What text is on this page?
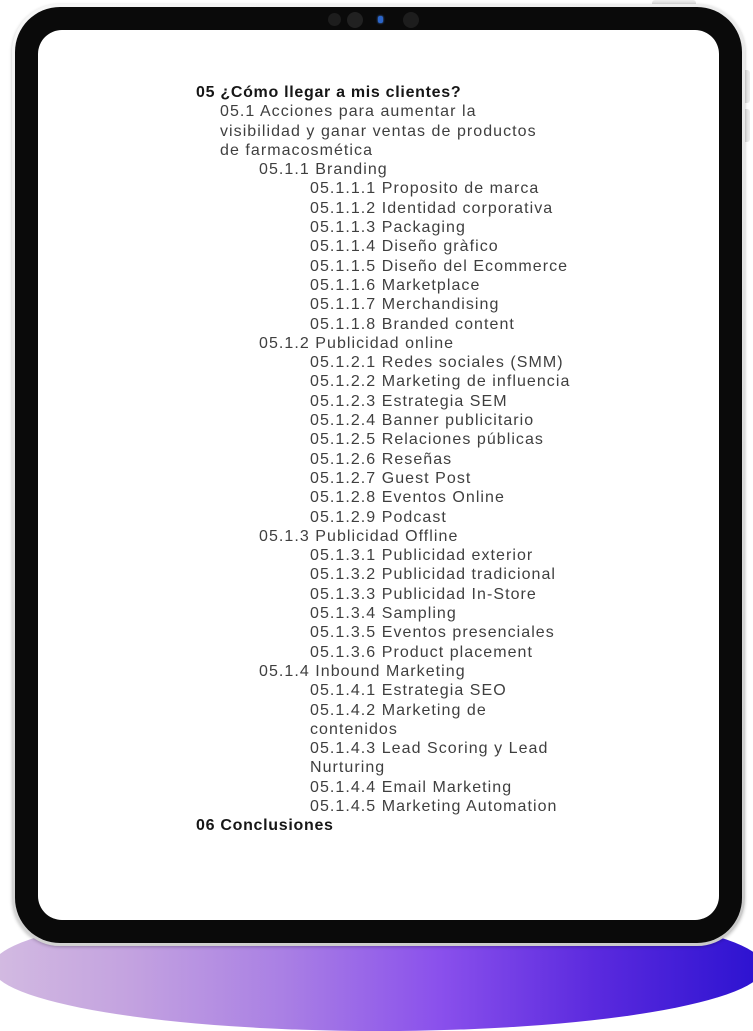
05 ¿Cómo llegar a mis clientes?
05.1 Acciones para aumentar la
visibilidad y ganar ventas de productos
de farmacosmética
05.1.1 Branding
05.1.1.1 Proposito de marca
05.1.1.2 Identidad corporativa
05.1.1.3 Packaging
05.1.1.4 Diseño gràfico
05.1.1.5 Diseño del Ecommerce
05.1.1.6 Marketplace
05.1.1.7 Merchandising
05.1.1.8 Branded content
05.1.2 Publicidad online
05.1.2.1 Redes sociales (SMM)
05.1.2.2 Marketing de influencia
05.1.2.3 Estrategia SEM
05.1.2.4 Banner publicitario
05.1.2.5 Relaciones públicas
05.1.2.6 Reseñas
05.1.2.7 Guest Post
05.1.2.8 Eventos Online
05.1.2.9 Podcast
05.1.3 Publicidad Offline
05.1.3.1 Publicidad exterior
05.1.3.2 Publicidad tradicional
05.1.3.3 Publicidad In-Store
05.1.3.4 Sampling
05.1.3.5 Eventos presenciales
05.1.3.6 Product placement
05.1.4 Inbound Marketing
05.1.4.1 Estrategia SEO
05.1.4.2 Marketing de
contenidos
05.1.4.3 Lead Scoring y Lead
Nurturing
05.1.4.4 Email Marketing
05.1.4.5 Marketing Automation
06 Conclusiones
